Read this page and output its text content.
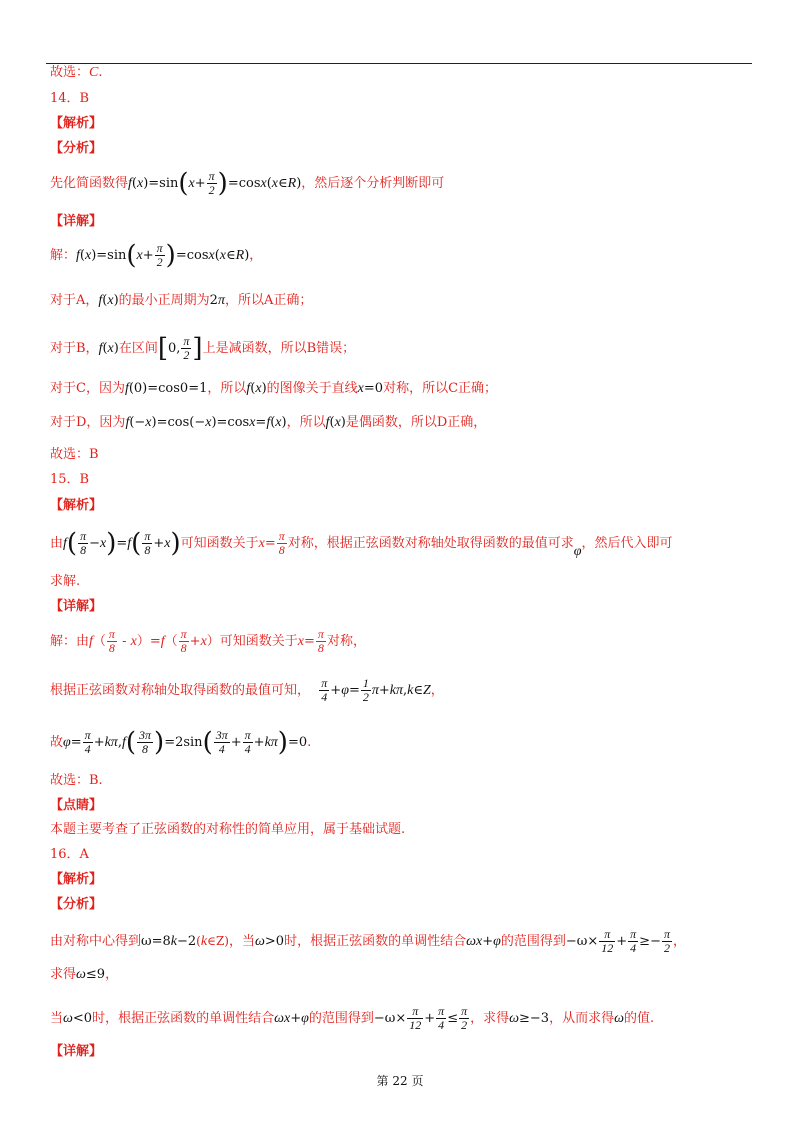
故选：C.
14．B
【解析】
【分析】
先化简函数得$f(x)=\sin(x+ \frac{\pi}{2}$ )=cosx(x∈R)，然后逐个分析判断即可
【详解】
解：$f(x)=\sin(x+ \frac{\pi}{2}$ )=cosx(x∈R)，
对于A，f(x)的最小正周期为2π，所以A正确；
对于B，f(x)在区间[0, $\frac{\pi}{2}$ ]上是减函数，所以B错误；
对于C，因为f(0)=cos0=1，所以f(x)的图像关于直线x=0对称，所以C正确；
对于D，因为f(−x)=cos(−x)=cosx=f(x)，所以f(x)是偶函数，所以D正确，
故选：B
15．B
【解析】
由$f( \frac{\pi}{8} -x)=f( \frac{\pi}{8} +x)$可知函数关于$x= \frac{\pi}{8}$ 对称，根据正弦函数对称轴处取得函数的最值可求φ，然后代入即可
求解.
【详解】
解：由$f( \frac{\pi}{8} - x)=f( \frac{\pi}{8} +x)$可知函数关于$x= \frac{\pi}{8}$ 对称，
根据正弦函数对称轴处取得函数的最值可知， $\frac{\pi}{4} +\varphi= \frac{1}{2}$ π+kπ,k∈Z，
故$\varphi= \frac{\pi}{4} +k\pi,f( \frac{3\pi}{8} )=2\sin( \frac{3\pi}{4} + \frac{\pi}{4} +k\pi)=0$.
故选：B.
【点睛】
本题主要考查了正弦函数的对称性的简单应用，属于基础试题.
16．A
【解析】
【分析】
由对称中心得到ω=8k−2(k∈Z)，当ω>0时，根据正弦函数的单调性结合ωx+φ的范围得到$-\omega\times \frac{\pi}{12} + \frac{\pi}{4} \ge- \frac{\pi}{2}$ ，
求得ω≤9，
当ω<0时，根据正弦函数的单调性结合ωx+φ的范围得到$-\omega\times \frac{\pi}{12} + \frac{\pi}{4} \le \frac{\pi}{2}$ ，求得ω≥−3，从而求得ω的值.
【详解】
第 22 页
